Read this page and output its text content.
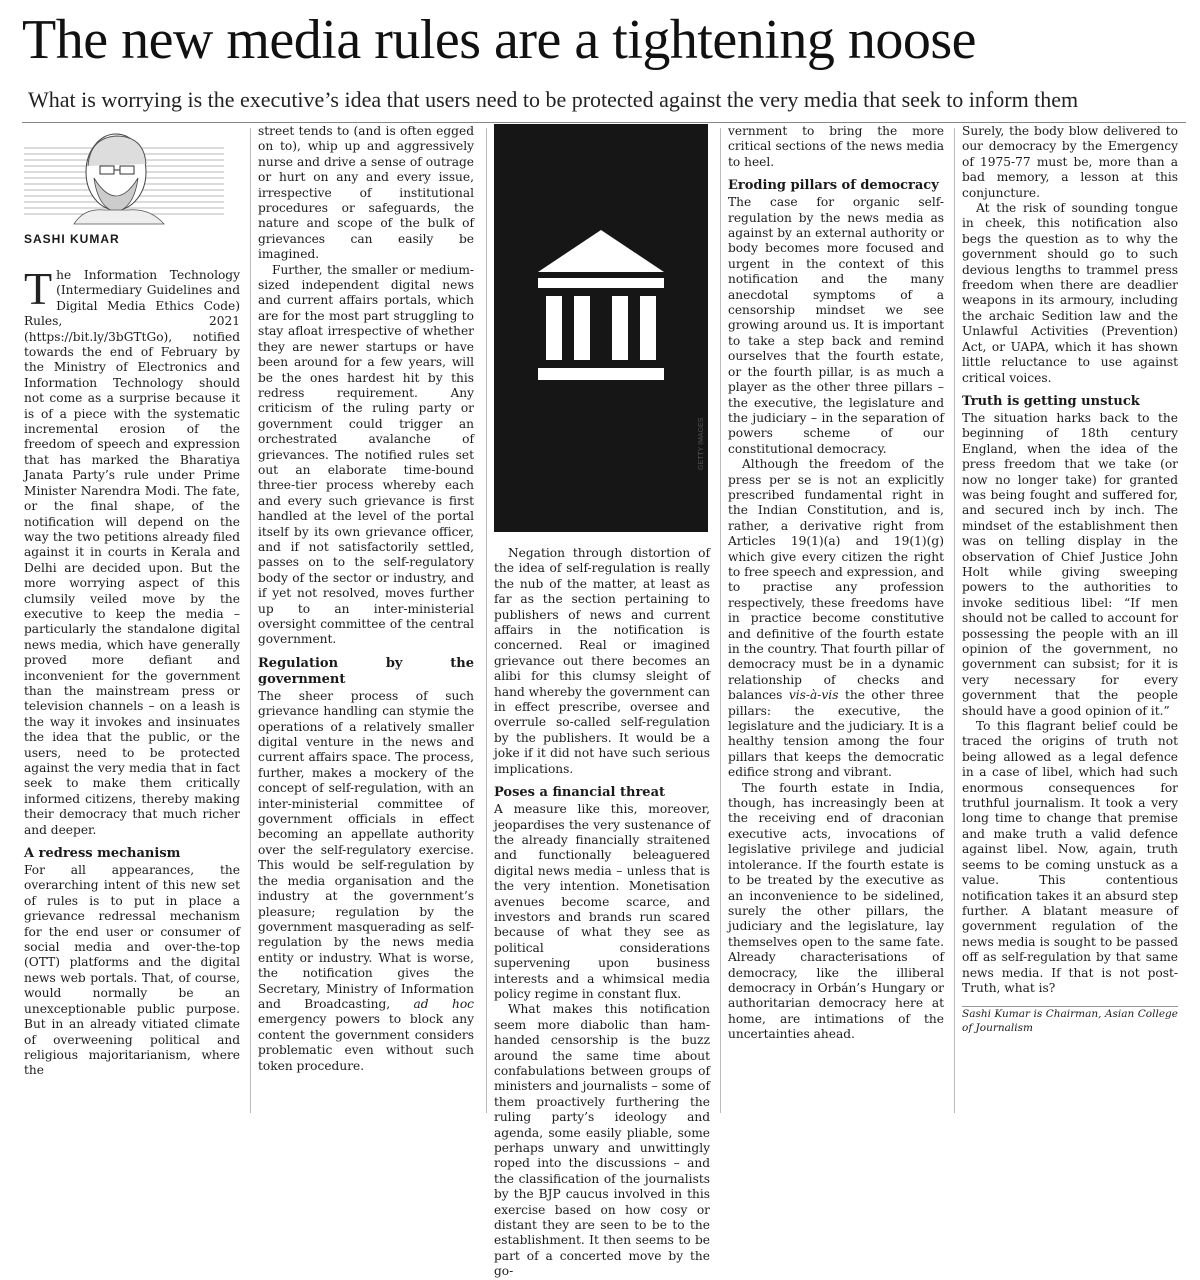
The new media rules are a tightening noose
What is worrying is the executive’s idea that users need to be protected against the very media that seek to inform them
SASHI KUMAR

The Information Technology (Intermediary Guidelines and Digital Media Ethics Code) Rules, 2021 (https://bit.ly/3bGTtGo), notified towards the end of February by the Ministry of Electronics and Information Technology should not come as a surprise because it is of a piece with the systematic incremental erosion of the freedom of speech and expression that has marked the Bharatiya Janata Party’s rule under Prime Minister Narendra Modi. The fate, or the final shape, of the notification will depend on the way the two petitions already filed against it in courts in Kerala and Delhi are decided upon. But the more worrying aspect of this clumsily veiled move by the executive to keep the media – particularly the standalone digital news media, which have generally proved more defiant and inconvenient for the government than the mainstream press or television channels – on a leash is the way it invokes and insinuates the idea that the public, or the users, need to be protected against the very media that in fact seek to make them critically informed citizens, thereby making their democracy that much richer and deeper.

A redress mechanism

For all appearances, the overarching intent of this new set of rules is to put in place a grievance redressal mechanism for the end user or consumer of social media and over-the-top (OTT) platforms and the digital news web portals. That, of course, would normally be an unexceptionable public purpose. But in an already vitiated climate of overweening political and religious majoritarianism, where the

street tends to (and is often egged on to), whip up and aggressively nurse and drive a sense of outrage or hurt on any and every issue, irrespective of institutional procedures or safeguards, the nature and scope of the bulk of grievances can easily be imagined.

Further, the smaller or medium-sized independent digital news and current affairs portals, which are for the most part struggling to stay afloat irrespective of whether they are newer startups or have been around for a few years, will be the ones hardest hit by this redress requirement. Any criticism of the ruling party or government could trigger an orchestrated avalanche of grievances. The notified rules set out an elaborate time-bound three-tier process whereby each and every such grievance is first handled at the level of the portal itself by its own grievance officer, and if not satisfactorily settled, passes on to the self-regulatory body of the sector or industry, and if yet not resolved, moves further up to an inter-ministerial oversight committee of the central government.

Regulation by the government

The sheer process of such grievance handling can stymie the operations of a relatively smaller digital venture in the news and current affairs space. The process, further, makes a mockery of the concept of self-regulation, with an inter-ministerial committee of government officials in effect becoming an appellate authority over the self-regulatory exercise. This would be self-regulation by the media organisation and the industry at the government’s pleasure; regulation by the government masquerading as self-regulation by the news media entity or industry. What is worse, the notification gives the Secretary, Ministry of Information and Broadcasting, ad hoc emergency powers to block any content the government considers problematic even without such token procedure.

GETTY IMAGES

Negation through distortion of the idea of self-regulation is really the nub of the matter, at least as far as the section pertaining to publishers of news and current affairs in the notification is concerned. Real or imagined grievance out there becomes an alibi for this clumsy sleight of hand whereby the government can in effect prescribe, oversee and overrule so-called self-regulation by the publishers. It would be a joke if it did not have such serious implications.

Poses a financial threat

A measure like this, moreover, jeopardises the very sustenance of the already financially straitened and functionally beleaguered digital news media – unless that is the very intention. Monetisation avenues become scarce, and investors and brands run scared because of what they see as political considerations supervening upon business interests and a whimsical media policy regime in constant flux.

What makes this notification seem more diabolic than ham-handed censorship is the buzz around the same time about confabulations between groups of ministers and journalists – some of them proactively furthering the ruling party’s ideology and agenda, some easily pliable, some perhaps unwary and unwittingly roped into the discussions – and the classification of the journalists by the BJP caucus involved in this exercise based on how cosy or distant they are seen to be to the establishment. It then seems to be part of a concerted move by the go-

vernment to bring the more critical sections of the news media to heel.

Eroding pillars of democracy

The case for organic self-regulation by the news media as against by an external authority or body becomes more focused and urgent in the context of this notification and the many anecdotal symptoms of a censorship mindset we see growing around us. It is important to take a step back and remind ourselves that the fourth estate, or the fourth pillar, is as much a player as the other three pillars – the executive, the legislature and the judiciary – in the separation of powers scheme of our constitutional democracy.

Although the freedom of the press per se is not an explicitly prescribed fundamental right in the Indian Constitution, and is, rather, a derivative right from Articles 19(1)(a) and 19(1)(g) which give every citizen the right to free speech and expression, and to practise any profession respectively, these freedoms have in practice become constitutive and definitive of the fourth estate in the country. That fourth pillar of democracy must be in a dynamic relationship of checks and balances vis-à-vis the other three pillars: the executive, the legislature and the judiciary. It is a healthy tension among the four pillars that keeps the democratic edifice strong and vibrant.

The fourth estate in India, though, has increasingly been at the receiving end of draconian executive acts, invocations of legislative privilege and judicial intolerance. If the fourth estate is to be treated by the executive as an inconvenience to be sidelined, surely the other pillars, the judiciary and the legislature, lay themselves open to the same fate. Already characterisations of democracy, like the illiberal democracy in Orbán’s Hungary or authoritarian democracy here at home, are intimations of the uncertainties ahead.

Surely, the body blow delivered to our democracy by the Emergency of 1975-77 must be, more than a bad memory, a lesson at this conjuncture.

At the risk of sounding tongue in cheek, this notification also begs the question as to why the government should go to such devious lengths to trammel press freedom when there are deadlier weapons in its armoury, including the archaic Sedition law and the Unlawful Activities (Prevention) Act, or UAPA, which it has shown little reluctance to use against critical voices.

Truth is getting unstuck

The situation harks back to the beginning of 18th century England, when the idea of the press freedom that we take (or now no longer take) for granted was being fought and suffered for, and secured inch by inch. The mindset of the establishment then was on telling display in the observation of Chief Justice John Holt while giving sweeping powers to the authorities to invoke seditious libel: “If men should not be called to account for possessing the people with an ill opinion of the government, no government can subsist; for it is very necessary for every government that the people should have a good opinion of it.”

To this flagrant belief could be traced the origins of truth not being allowed as a legal defence in a case of libel, which had such enormous consequences for truthful journalism. It took a very long time to change that premise and make truth a valid defence against libel. Now, again, truth seems to be coming unstuck as a value. This contentious notification takes it an absurd step further. A blatant measure of government regulation of the news media is sought to be passed off as self-regulation by that same news media. If that is not post-Truth, what is?

Sashi Kumar is Chairman, Asian College of Journalism
